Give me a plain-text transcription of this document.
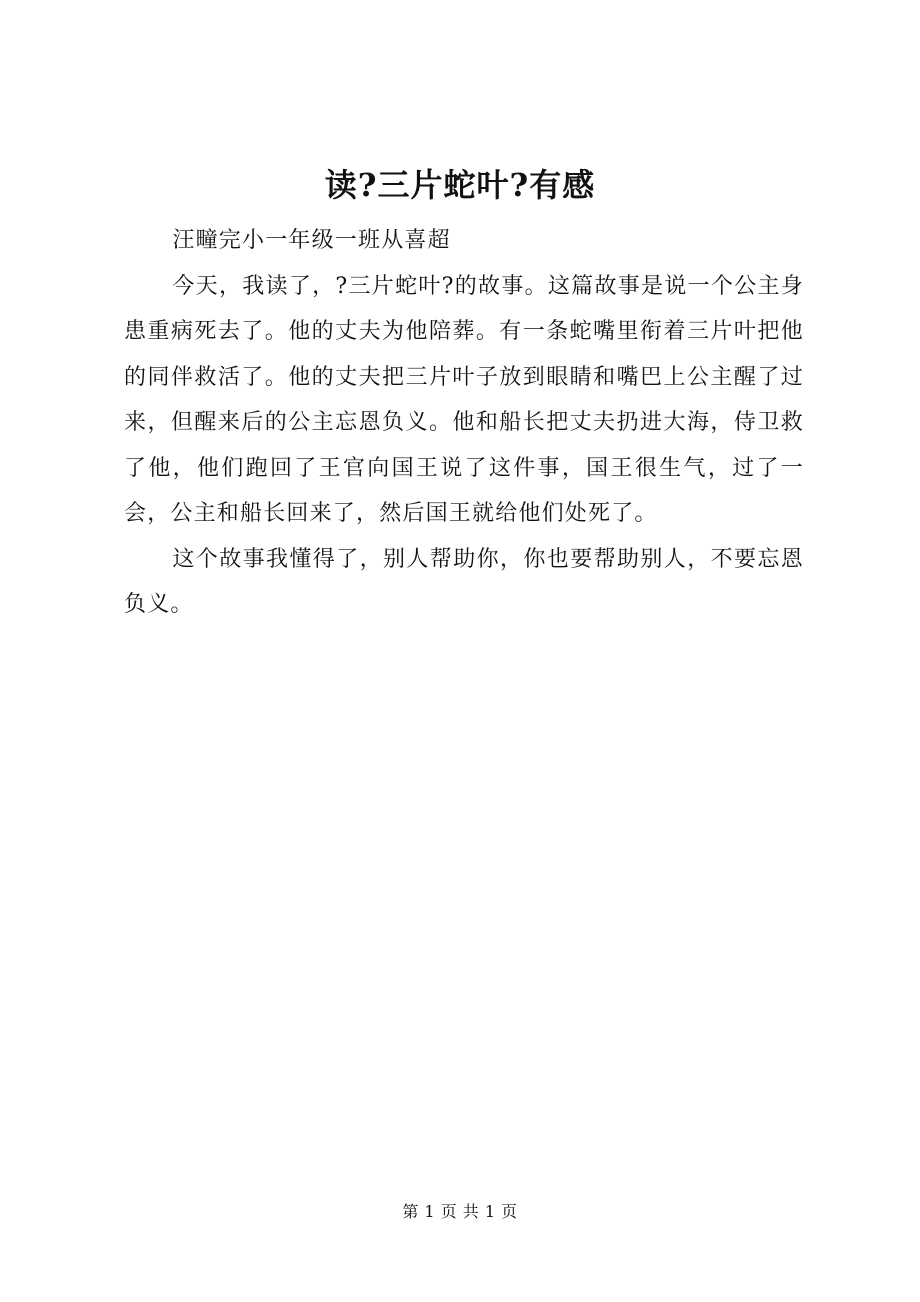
读?三片蛇叶?有感

汪疃完小一年级一班从喜超

今天，我读了，?三片蛇叶?的故事。这篇故事是说一个公主身患重病死去了。他的丈夫为他陪葬。有一条蛇嘴里衔着三片叶把他的同伴救活了。他的丈夫把三片叶子放到眼睛和嘴巴上公主醒了过来，但醒来后的公主忘恩负义。他和船长把丈夫扔进大海，侍卫救了他，他们跑回了王官向国王说了这件事，国王很生气，过了一会，公主和船长回来了，然后国王就给他们处死了。

这个故事我懂得了，别人帮助你，你也要帮助别人，不要忘恩负义。

第 1 页 共 1 页
